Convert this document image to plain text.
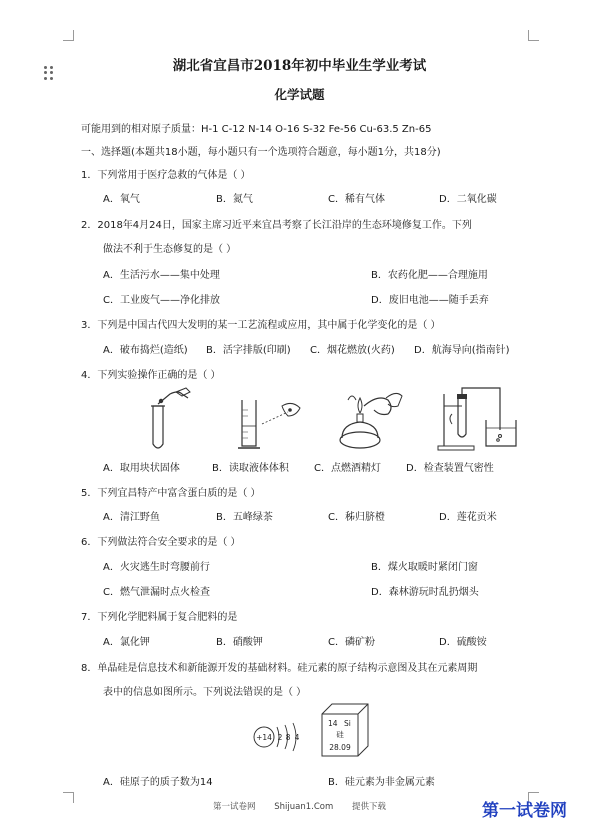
湖北省宜昌市2018年初中毕业生学业考试
化学试题
可能用到的相对原子质量：H-1 C-12 N-14 O-16 S-32 Fe-56 Cu-63.5 Zn-65
一、选择题(本题共18小题，每小题只有一个选项符合题意，每小题1分，共18分)
1．下列常用于医疗急救的气体是（ ）
A．氧气	B．氮气	C．稀有气体	D．二氧化碳
2．2018年4月24日，国家主席习近平来宜昌考察了长江沿岸的生态环境修复工作。下列
做法不利于生态修复的是（ ）
A．生活污水——集中处理	B．农药化肥——合理施用
C．工业废气——净化排放	D．废旧电池——随手丢弃
3．下列是中国古代四大发明的某一工艺流程或应用，其中属于化学变化的是（ ）
A．破布捣烂(造纸) B．活字排版(印刷) C．烟花燃放(火药) D．航海导向(指南针)
4．下列实验操作正确的是（ ）
A．取用块状固体	B．读取液体体积	C．点燃酒精灯	D．检查装置气密性
5．下列宜昌特产中富含蛋白质的是（ ）
A．清江野鱼	B．五峰绿茶	C．秭归脐橙	D．莲花贡米
6．下列做法符合安全要求的是（ ）
A．火灾逃生时弯腰前行	B．煤火取暖时紧闭门窗
C．燃气泄漏时点火检查	D．森林游玩时乱扔烟头
7．下列化学肥料属于复合肥料的是
A．氯化钾	B．硝酸钾	C．磷矿粉	D．硫酸铵
8．单晶硅是信息技术和新能源开发的基础材料。硅元素的原子结构示意图及其在元素周期
表中的信息如图所示。下列说法错误的是（ ）
+14 2 8 4
14 Si
硅
28.09
A．硅原子的质子数为14	B．硅元素为非金属元素
第一试卷网 Shijuan1.Com 提供下载	第一试卷网
